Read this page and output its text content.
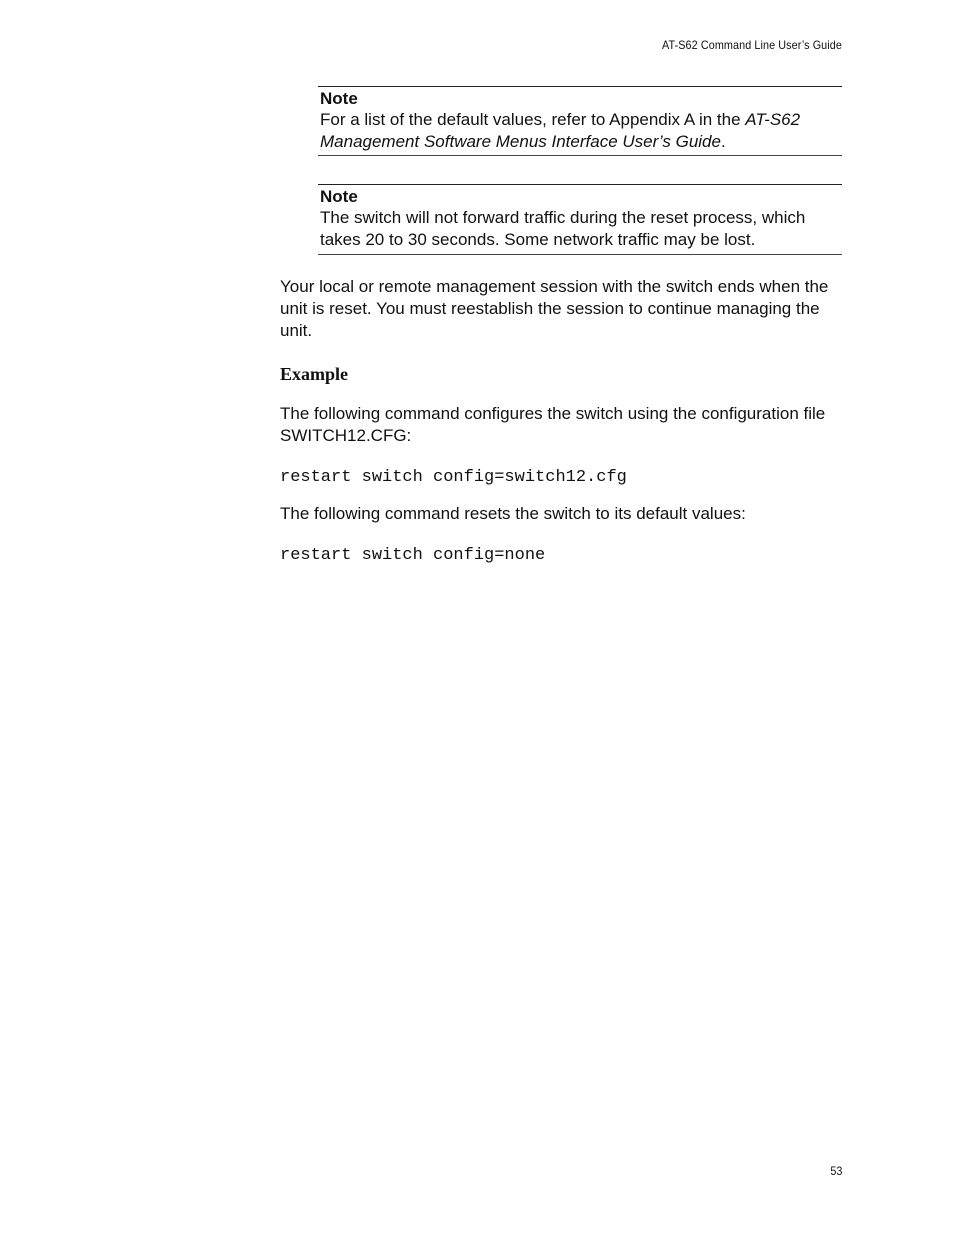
AT-S62 Command Line User’s Guide
Note
For a list of the default values, refer to Appendix A in the AT-S62 Management Software Menus Interface User’s Guide.
Note
The switch will not forward traffic during the reset process, which takes 20 to 30 seconds. Some network traffic may be lost.
Your local or remote management session with the switch ends when the unit is reset. You must reestablish the session to continue managing the unit.
Example
The following command configures the switch using the configuration file SWITCH12.CFG:
restart switch config=switch12.cfg
The following command resets the switch to its default values:
restart switch config=none
53
